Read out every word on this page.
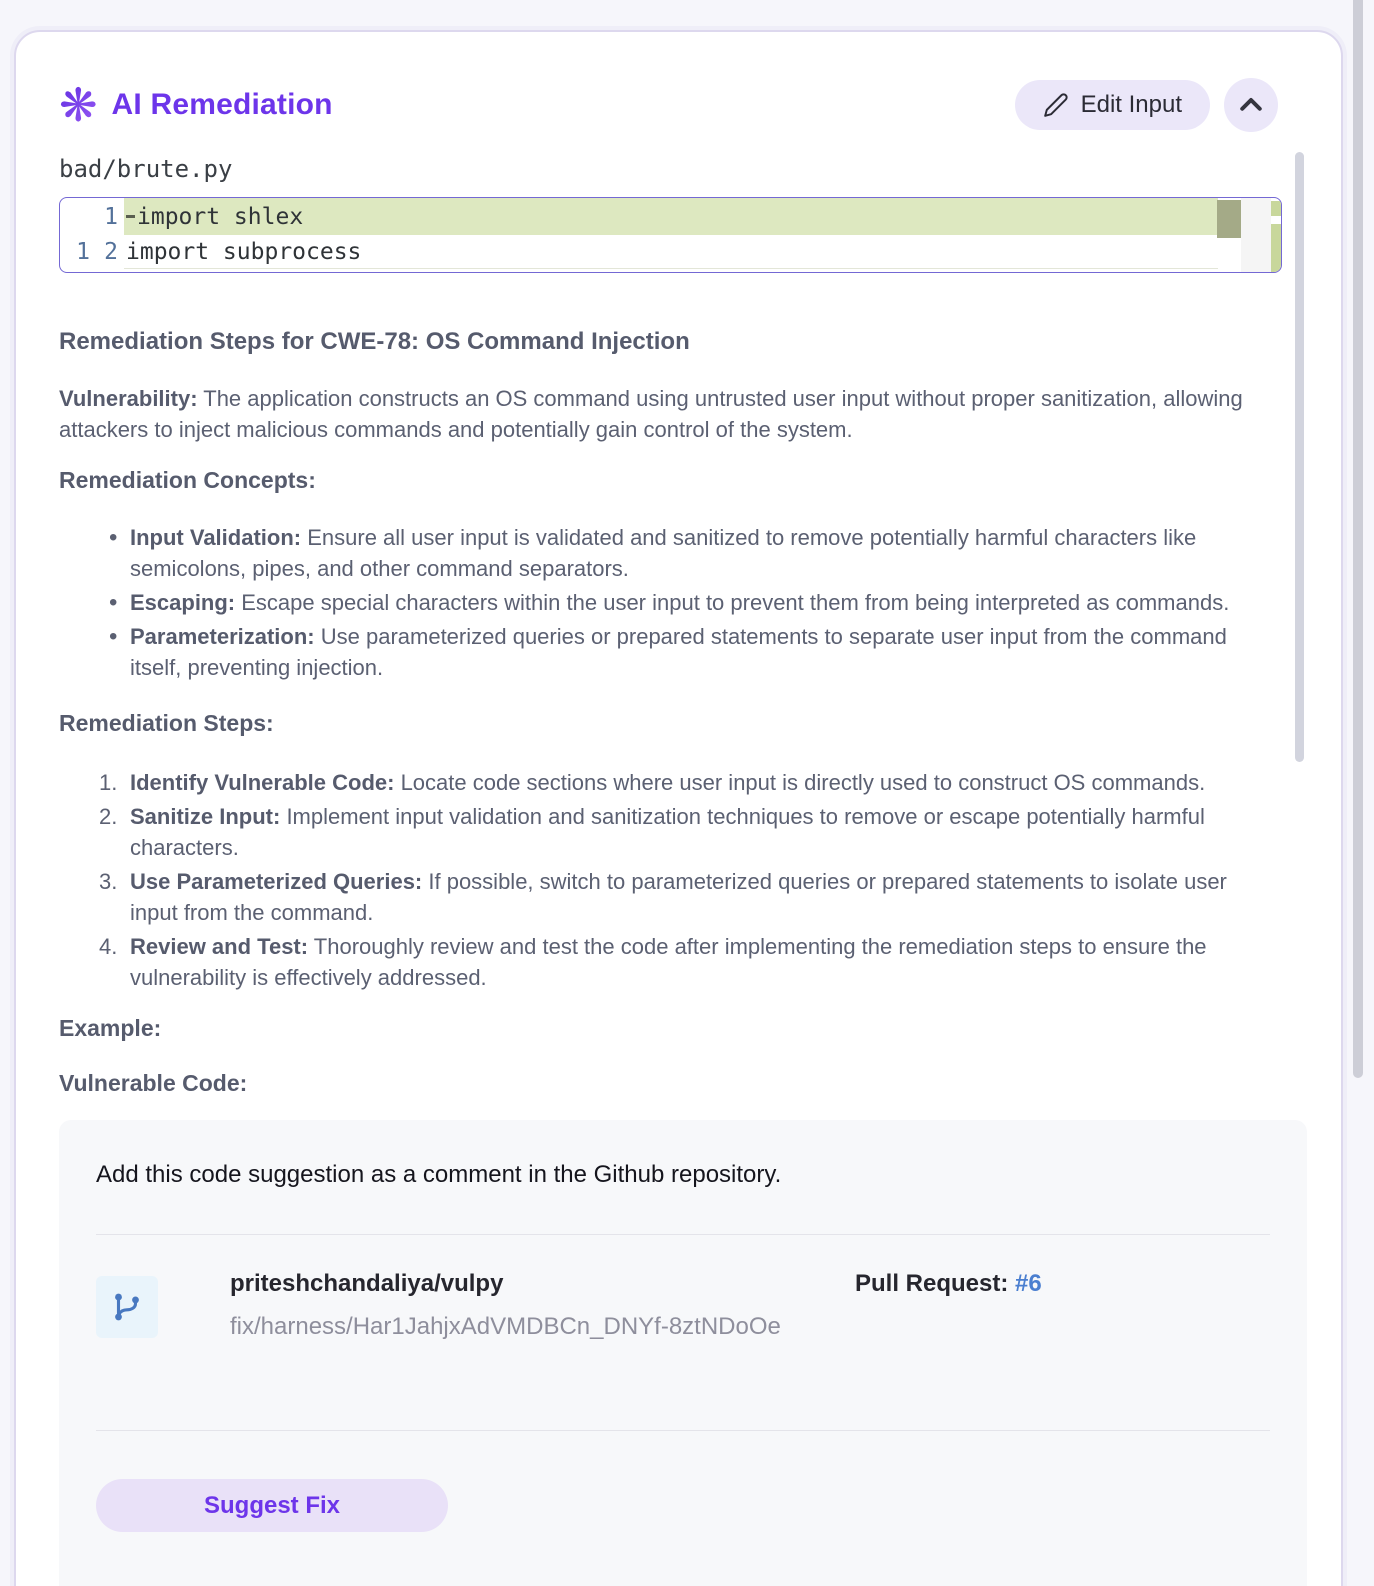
❋ AI Remediation	Edit Input
bad/brute.py
1 import shlex
1 2 import subprocess
Remediation Steps for CWE-78: OS Command Injection

Vulnerability: The application constructs an OS command using untrusted user input without proper sanitization, allowing attackers to inject malicious commands and potentially gain control of the system.

Remediation Concepts:
• Input Validation: Ensure all user input is validated and sanitized to remove potentially harmful characters like semicolons, pipes, and other command separators.
• Escaping: Escape special characters within the user input to prevent them from being interpreted as commands.
• Parameterization: Use parameterized queries or prepared statements to separate user input from the command itself, preventing injection.
Remediation Steps:
Identify Vulnerable Code: Locate code sections where user input is directly used to construct OS commands.
Sanitize Input: Implement input validation and sanitization techniques to remove or escape potentially harmful characters.
Use Parameterized Queries: If possible, switch to parameterized queries or prepared statements to isolate user input from the command.
Review and Test: Thoroughly review and test the code after implementing the remediation steps to ensure the vulnerability is effectively addressed.
Example:
Vulnerable Code:
Add this code suggestion as a comment in the Github repository.
priteshchandaliya/vulpy
fix/harness/Har1JahjxAdVMDBCn_DNYf-8ztNDoOe
Pull Request: #6
Suggest Fix
